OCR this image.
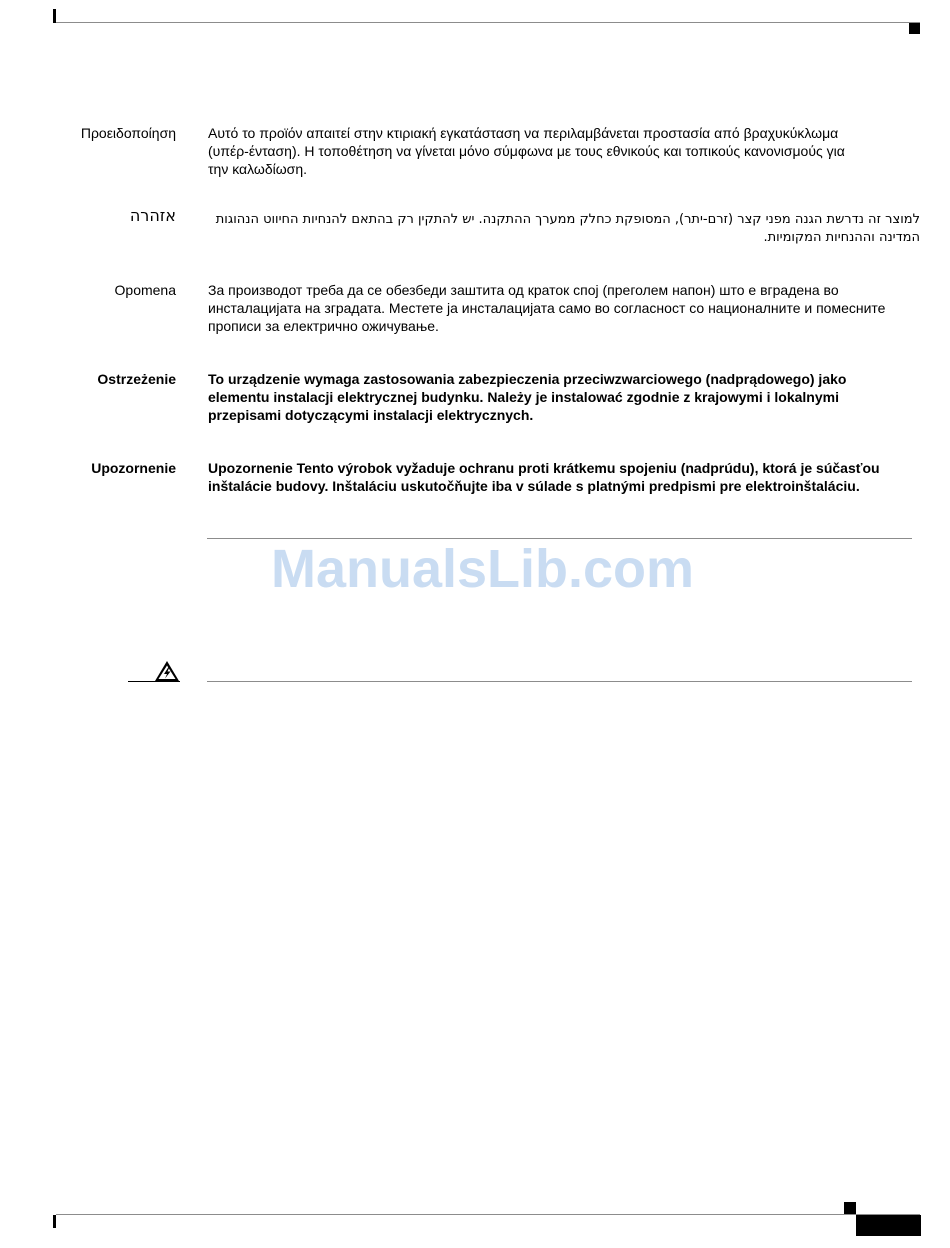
Προειδοποίηση Αυτό το προϊόν απαιτεί στην κτιριακή εγκατάσταση να περιλαμβάνεται προστασία από βραχυκύκλωμα (υπέρ-ένταση). Η τοποθέτηση να γίνεται μόνο σύμφωνα με τους εθνικούς και τοπικούς κανονισμούς για την καλωδίωση.
אזהרה	למוצר זה נדרשת הגנה מפני קצר (זרם-יתר), המסופקת כחלק ממערך ההתקנה. יש להתקין רק בהתאם להנחיות החיווט הנהוגות המדינה וההנחיות המקומיות.
Opomena За производот треба да се обезбеди заштита од краток спој (преголем напон) што е вградена во инсталацијата на зградата. Местете ја инсталацијата само во согласност со националните и помесните прописи за електрично ожичување.
Ostrzeżenie To urządzenie wymaga zastosowania zabezpieczenia przeciwzwarciowego (nadprądowego) jako elementu instalacji elektrycznej budynku. Należy je instalować zgodnie z krajowymi i lokalnymi przepisami dotyczącymi instalacji elektrycznych.
Upozornenie Upozornenie Tento výrobok vyžaduje ochranu proti krátkemu spojeniu (nadprúdu), ktorá je súčasťou inštalácie budovy. Inštaláciu uskutočňujte iba v súlade s platnými predpismi pre elektroinštaláciu.
ManualsLib.com
